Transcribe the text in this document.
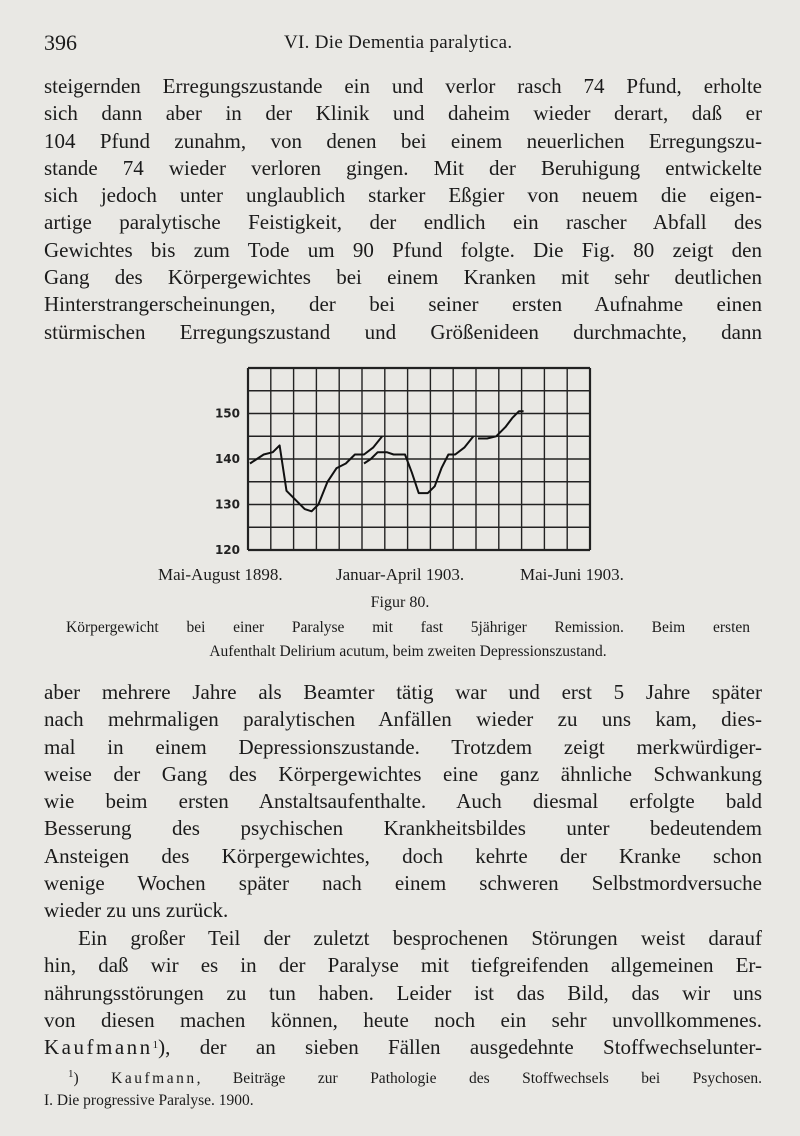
396	VI. Die Dementia paralytica.

steigernden Erregungszustande ein und verlor rasch 74 Pfund, erholte
sich dann aber in der Klinik und daheim wieder derart, daß er
104 Pfund zunahm, von denen bei einem neuerlichen Erregungszu-
stande 74 wieder verloren gingen. Mit der Beruhigung entwickelte
sich jedoch unter unglaublich starker Eßgier von neuem die eigen-
artige paralytische Feistigkeit, der endlich ein rascher Abfall des
Gewichtes bis zum Tode um 90 Pfund folgte. Die Fig. 80 zeigt den
Gang des Körpergewichtes bei einem Kranken mit sehr deutlichen
Hinterstrangerscheinungen, der bei seiner ersten Aufnahme einen
stürmischen Erregungszustand und Größenideen durchmachte, dann

150
140
130
120
Mai-August 1898.	Januar-April 1903.	Mai-Juni 1903.
Figur 80.

Körpergewicht bei einer Paralyse mit fast 5jähriger Remission. Beim ersten
Aufenthalt Delirium acutum, beim zweiten Depressionszustand.

aber mehrere Jahre als Beamter tätig war und erst 5 Jahre später
nach mehrmaligen paralytischen Anfällen wieder zu uns kam, dies-
mal in einem Depressionszustande. Trotzdem zeigt merkwürdiger-
weise der Gang des Körpergewichtes eine ganz ähnliche Schwankung
wie beim ersten Anstaltsaufenthalte. Auch diesmal erfolgte bald
Besserung des psychischen Krankheitsbildes unter bedeutendem
Ansteigen des Körpergewichtes, doch kehrte der Kranke schon
wenige Wochen später nach einem schweren Selbstmordversuche
wieder zu uns zurück.

Ein großer Teil der zuletzt besprochenen Störungen weist darauf
hin, daß wir es in der Paralyse mit tiefgreifenden allgemeinen Er-
nährungsstörungen zu tun haben. Leider ist das Bild, das wir uns
von diesen machen können, heute noch ein sehr unvollkommenes.
Kaufmann$^1$), der an sieben Fällen ausgedehnte Stoffwechselunter-

$^1$) Kaufmann, Beiträge zur Pathologie des Stoffwechsels bei Psychosen.
I. Die progressive Paralyse. 1900.
